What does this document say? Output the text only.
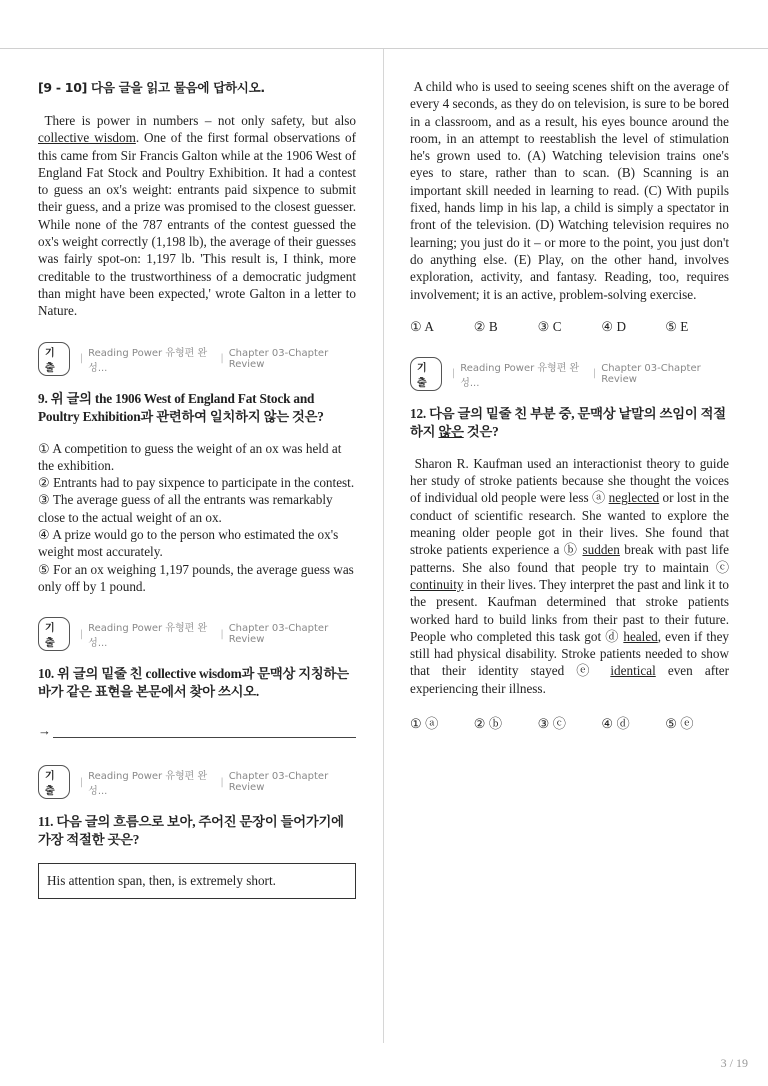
[9 - 10] 다음 글을 읽고 물음에 답하시오.

There is power in numbers – not only safety, but also collective wisdom. One of the first formal observations of this came from Sir Francis Galton while at the 1906 West of England Fat Stock and Poultry Exhibition. It had a contest to guess an ox's weight: entrants paid sixpence to submit their guess, and a prize was promised to the closest guesser. While none of the 787 entrants of the contest guessed the ox's weight correctly (1,198 lb), the average of their guesses was fairly spot-on: 1,197 lb. 'This result is, I think, more creditable to the trustworthiness of a democratic judgment than might have been expected,' wrote Galton in a letter to Nature.

기출
| Reading Power 유형편 완성...
| Chapter 03-Chapter Review
9. 위 글의 the 1906 West of England Fat Stock and Poultry Exhibition과 관련하여 일치하지 않는 것은?
① A competition to guess the weight of an ox was held at the exhibition.
② Entrants had to pay sixpence to participate in the contest.
③ The average guess of all the entrants was remarkably close to the actual weight of an ox.
④ A prize would go to the person who estimated the ox's weight most accurately.
⑤ For an ox weighing 1,197 pounds, the average guess was only off by 1 pound.
기출
| Reading Power 유형편 완성...
| Chapter 03-Chapter Review
10. 위 글의 밑줄 친 collective wisdom과 문맥상 지칭하는 바가 같은 표현을 본문에서 찾아 쓰시오.
→
기출
| Reading Power 유형편 완성...
| Chapter 03-Chapter Review
11. 다음 글의 흐름으로 보아, 주어진 문장이 들어가기에 가장 적절한 곳은?
His attention span, then, is extremely short.

A child who is used to seeing scenes shift on the average of every 4 seconds, as they do on television, is sure to be bored in a classroom, and as a result, his eyes bounce around the room, in an attempt to reestablish the level of stimulation he's grown used to. (A) Watching television trains one's eyes to stare, rather than to scan. (B) Scanning is an important skill needed in learning to read. (C) With pupils fixed, hands limp in his lap, a child is simply a spectator in front of the television. (D) Watching television requires no learning; you just do it – or more to the point, you just don't do anything else. (E) Play, on the other hand, involves exploration, activity, and fantasy. Reading, too, requires involvement; it is an active, problem-solving exercise.

① A	② B	③ C	④ D	⑤ E
기출
| Reading Power 유형편 완성...
| Chapter 03-Chapter Review
12. 다음 글의 밑줄 친 부분 중, 문맥상 낱말의 쓰임이 적절하지 않은 것은?

Sharon R. Kaufman used an interactionist theory to guide her study of stroke patients because she thought the voices of individual old people were less ⓐ neglected or lost in the conduct of scientific research. She wanted to explore the meaning older people got in their lives. She found that stroke patients experience a ⓑ sudden break with past life patterns. She also found that people try to maintain ⓒ continuity in their lives. They interpret the past and link it to the present. Kaufman determined that stroke patients worked hard to build links from their past to their future. People who completed this task got ⓓ healed, even if they still had physical disability. Stroke patients needed to show that their identity stayed ⓔ identical even after experiencing their illness.

① ⓐ	② ⓑ	③ ⓒ	④ ⓓ	⑤ ⓔ
3 / 19
